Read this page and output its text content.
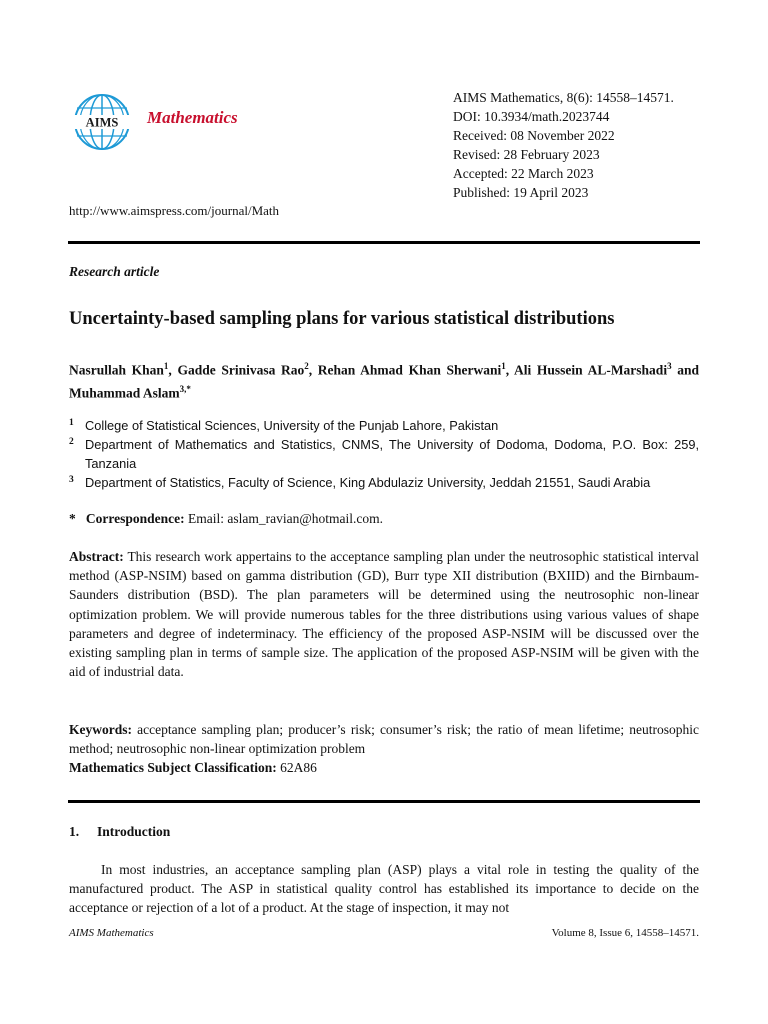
AIMS Mathematics
AIMS Mathematics, 8(6): 14558–14571.
DOI: 10.3934/math.2023744
Received: 08 November 2022
Revised: 28 February 2023
Accepted: 22 March 2023
Published: 19 April 2023
http://www.aimspress.com/journal/Math
Research article
Uncertainty-based sampling plans for various statistical distributions
Nasrullah Khan$^1$, Gadde Srinivasa Rao$^2$, Rehan Ahmad Khan Sherwani$^1$, Ali Hussein AL-Marshadi$^3$ and Muhammad Aslam$^{3,*}$
1 College of Statistical Sciences, University of the Punjab Lahore, Pakistan
2 Department of Mathematics and Statistics, CNMS, The University of Dodoma, Dodoma, P.O. Box: 259, Tanzania
3 Department of Statistics, Faculty of Science, King Abdulaziz University, Jeddah 21551, Saudi Arabia
* Correspondence: Email: aslam_ravian@hotmail.com.
Abstract: This research work appertains to the acceptance sampling plan under the neutrosophic statistical interval method (ASP-NSIM) based on gamma distribution (GD), Burr type XII distribution (BXIID) and the Birnbaum-Saunders distribution (BSD). The plan parameters will be determined using the neutrosophic non-linear optimization problem. We will provide numerous tables for the three distributions using various values of shape parameters and degree of indeterminacy. The efficiency of the proposed ASP-NSIM will be discussed over the existing sampling plan in terms of sample size. The application of the proposed ASP-NSIM will be given with the aid of industrial data.
Keywords: acceptance sampling plan; producer’s risk; consumer’s risk; the ratio of mean lifetime; neutrosophic method; neutrosophic non-linear optimization problem
Mathematics Subject Classification: 62A86
1. Introduction
In most industries, an acceptance sampling plan (ASP) plays a vital role in testing the quality of the manufactured product. The ASP in statistical quality control has established its importance to decide on the acceptance or rejection of a lot of a product. At the stage of inspection, it may not
AIMS Mathematics	Volume 8, Issue 6, 14558–14571.
